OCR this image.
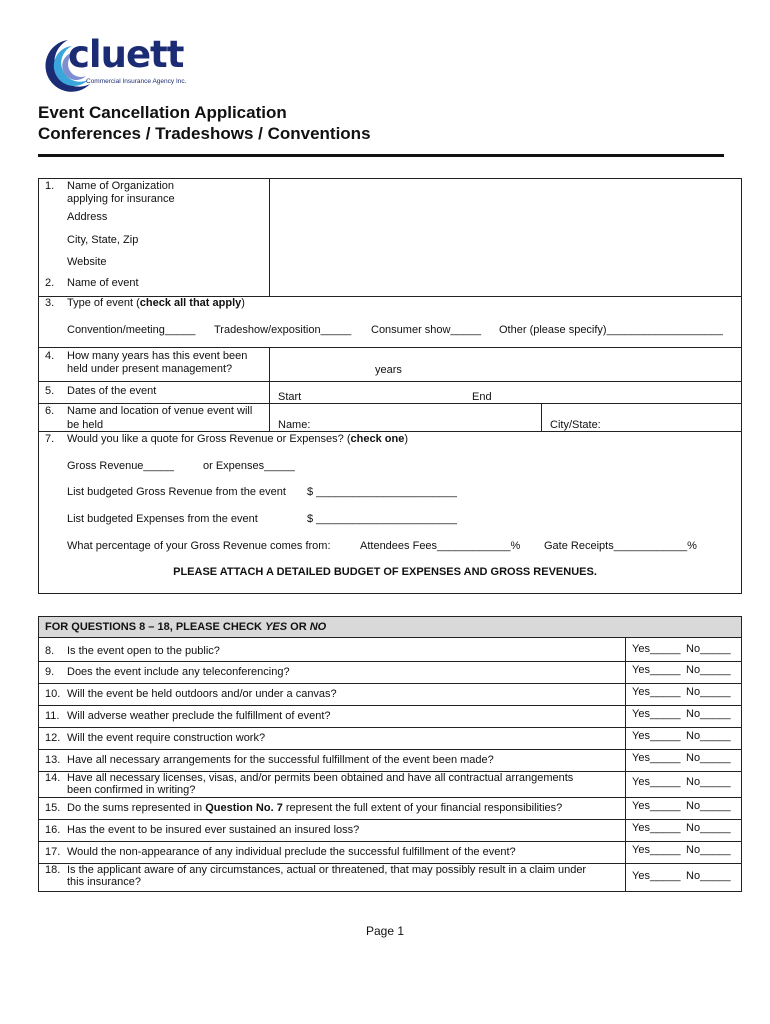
cluett
Commercial Insurance Agency Inc.
Event Cancellation Application
Conferences / Tradeshows / Conventions
1. Name of Organization
applying for insurance
Address
City, State, Zip
Website
2. Name of event
3. Type of event (check all that apply)
Convention/meeting_____ Tradeshow/exposition_____ Consumer show_____ Other (please specify)___________________
4. How many years has this event been
held under present management?	years
5. Dates of the event	Start	End
6. Name and location of venue event will
be held	Name:	City/State:
7. Would you like a quote for Gross Revenue or Expenses? (check one)
Gross Revenue_____	or Expenses_____
List budgeted Gross Revenue from the event $ _______________________
List budgeted Expenses from the event	$ _______________________
What percentage of your Gross Revenue comes from:	Attendees Fees____________% Gate Receipts____________%
PLEASE ATTACH A DETAILED BUDGET OF EXPENSES AND GROSS REVENUES.
FOR QUESTIONS 8 – 18, PLEASE CHECK YES OR NO
8. Is the event open to the public?	Yes_____ No_____
9. Does the event include any teleconferencing?	Yes_____ No_____
10. Will the event be held outdoors and/or under a canvas?	Yes_____ No_____
11. Will adverse weather preclude the fulfillment of event?	Yes_____ No_____
12. Will the event require construction work?	Yes_____ No_____
13. Have all necessary arrangements for the successful fulfillment of the event been made?	Yes_____ No_____
14. Have all necessary licenses, visas, and/or permits been obtained and have all contractual arrangements
been confirmed in writing?
Yes_____ No_____
15. Do the sums represented in Question No. 7 represent the full extent of your financial responsibilities?	Yes_____ No_____
16. Has the event to be insured ever sustained an insured loss?	Yes_____ No_____
17. Would the non-appearance of any individual preclude the successful fulfillment of the event?	Yes_____ No_____
18. Is the applicant aware of any circumstances, actual or threatened, that may possibly result in a claim under
this insurance?	Yes_____ No_____
Page 1
